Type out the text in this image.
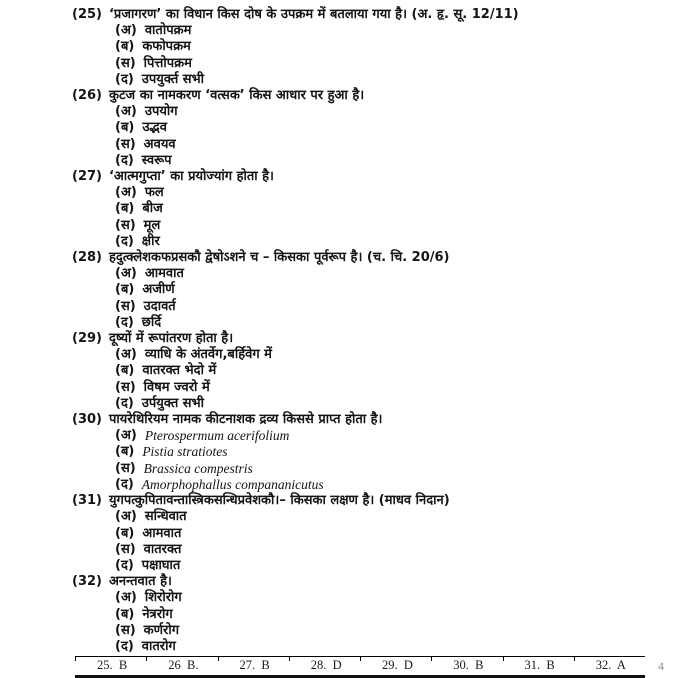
(25) ‘प्रजागरण’ का विधान किस दोष के उपक्रम में बतलाया गया है। (अ. हृ. सू. 12/11)
(अ) वातोपक्रम
(ब) कफोपक्रम
(स) पित्तोपक्रम
(द) उपयुर्क्त सभी
(26) कुटज का नामकरण ‘वत्सक’ किस आधार पर हुआ है।
(अ) उपयोग
(ब) उद्भव
(स) अवयव
(द) स्वरूप
(27) ‘आत्मगुप्ता’ का प्रयोज्यांग होता है।
(अ) फल
(ब) बीज
(स) मूल
(द) क्षीर
(28) हदुत्क्लेशकफप्रसकौ द्वेषोऽशने च – किसका पूर्वरूप है। (च. चि. 20/6)
(अ) आमवात
(ब) अजीर्ण
(स) उदावर्त
(द) छर्दि
(29) दूष्यों में रूपांतरण होता है।
(अ) व्याधि के अंतर्वेग,बर्हिवेग में
(ब) वातरक्त भेदो में
(स) विषम ज्वरो में
(द) उर्पयुक्त सभी
(30) पायरेथिरियम नामक कीटनाशक द्रव्य किससे प्राप्त होता है।
(अ) Pterospermum acerifolium
(ब) Pistia stratiotes
(स) Brassica compestris
(द) Amorphophallus compananicutus
(31) युगपत्कुपितावन्तास्त्रिकसन्धिप्रवेशकौ।– किसका लक्षण है। (माधव निदान)
(अ) सन्धिवात
(ब) आमवात
(स) वातरक्त
(द) पक्षाघात
(32) अनन्तवात है।
(अ) शिरोरोग
(ब) नेत्ररोग
(स) कर्णरोग
(द) वातरोग
25.  B	26  B.	27.  B	28.  D	29.  D	30.  B	31.  B	32.  A	4
